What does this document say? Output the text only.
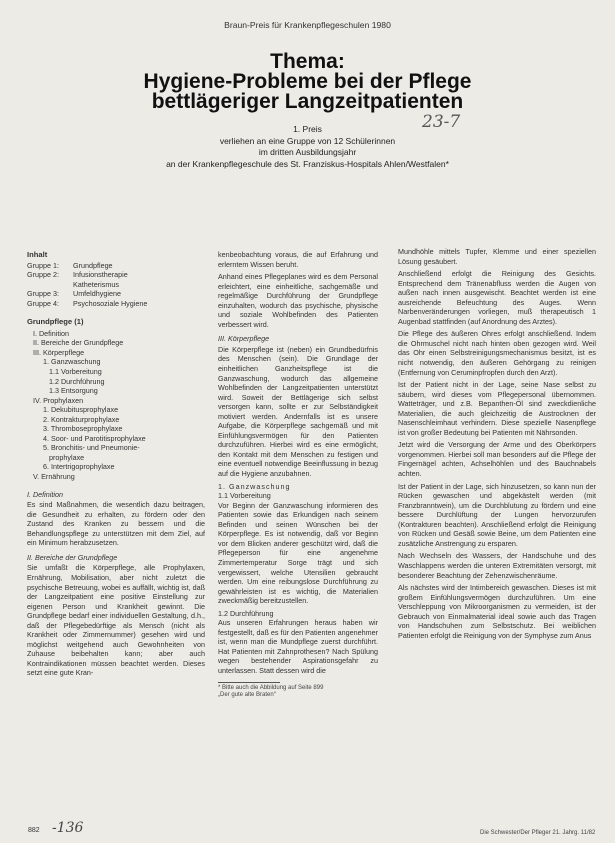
Braun-Preis für Krankenpflegeschulen 1980
Thema:
Hygiene-Probleme bei der Pflege
bettlägeriger Langzeitpatienten
1. Preis
verliehen an eine Gruppe von 12 Schülerinnen
im dritten Ausbildungsjahr
an der Krankenpflegeschule des St. Franziskus-Hospitals Ahlen/Westfalen*
23-7
Inhalt
Gruppe 1:	Grundpflege
Gruppe 2:	Infusionstherapie
Katheterismus
Gruppe 3:	Umfeldhygiene
Gruppe 4:	Psychosoziale Hygiene
Grundpflege (1)
I. Definition
II. Bereiche der Grundpflege
III. Körperpflege
1. Ganzwaschung
1.1 Vorbereitung
1.2 Durchführung
1.3 Entsorgung
IV. Prophylaxen
1. Dekubitusprophylaxe
2. Kontrakturprophylaxe
3. Thromboseprophylaxe
4. Soor- und Parotitisprophylaxe
5. Bronchitis- und Pneumonie-
prophylaxe
6. Intertrigoprophylaxe
V. Ernährung
I. Definition

Es sind Maßnahmen, die wesentlich dazu beitragen, die Gesundheit zu erhalten, zu fördern oder den Zustand des Kranken zu bessern und die Behandlungspflege zu unterstützen mit dem Ziel, auf ein Minimum herabzusetzen.

II. Bereiche der Grundpflege

Sie umfaßt die Körperpflege, alle Prophylaxen, Ernährung, Mobilisation, aber nicht zuletzt die psychische Betreuung, wobei es auffällt, wichtig ist, daß der Langzeitpatient eine positive Einstellung zur eigenen Person und Krankheit gewinnt. Die Grundpflege bedarf einer individuellen Gestaltung, d.h., daß der Pflegebedürftige als Mensch (nicht als Krankheit oder Zimmernummer) gesehen wird und möglichst weitgehend auch Gewohnheiten von Zuhause beibehalten kann; aber auch Kontraindikationen müssen beachtet werden. Dieses setzt eine gute Kran-

kenbeobachtung voraus, die auf Erfahrung und erlerntem Wissen beruht.

Anhand eines Pflegeplanes wird es dem Personal erleichtert, eine einheitliche, sachgemäße und regelmäßige Durchführung der Grundpflege einzuhalten, wodurch das psychische, physische und soziale Wohlbefinden des Patienten verbessert wird.

III. Körperpflege

Die Körperpflege ist (neben) ein Grundbedürfnis des Menschen (sein). Die Grundlage der einheitlichen Ganzheitspflege ist die Ganzwaschung, wodurch das allgemeine Wohlbefinden der Langzeitpatienten unterstützt wird. Soweit der Bettlägerige sich selbst versorgen kann, sollte er zur Selbständigkeit motiviert werden. Andernfalls ist es unsere Aufgabe, die Körperpflege sachgemäß und mit Einfühlungsvermögen für den Patienten durchzuführen. Hierbei wird es eine ermöglicht, den Kontakt mit dem Menschen zu festigen und eine eventuell notwendige Beeinflussung in bezug auf die Hygiene anzubahnen.

1. Ganzwaschung
1.1 Vorbereitung

Vor Beginn der Ganzwaschung informieren des Patienten sowie das Erkundigen nach seinem Befinden und seinen Wünschen bei der Körperpflege. Es ist notwendig, daß vor Beginn vor dem Blicken anderer geschützt wird, daß die Pflegeperson für eine angenehme Zimmertemperatur Sorge trägt und sich vergewissert, welche Utensilien gebraucht werden. Um eine reibungslose Durchführung zu gewährleisten ist es wichtig, die Materialien zweckmäßig bereitzustellen.

1.2 Durchführung

Aus unseren Erfahrungen heraus haben wir festgestellt, daß es für den Patienten angenehmer ist, wenn man die Mundpflege zuerst durchführt. Hat Patienten mit Zahnprothesen? Nach Spülung wegen bestehender Aspirationsgefahr zu unterlassen. Statt dessen wird die

* Bitte auch die Abbildung auf Seite 899
„Der gute alte Braten“

Mundhöhle mittels Tupfer, Klemme und einer speziellen Lösung gesäubert.

Anschließend erfolgt die Reinigung des Gesichts. Entsprechend dem Tränenabfluss werden die Augen von außen nach innen ausgewischt. Beachtet werden ist eine ausreichende Befeuchtung des Auges. Wenn Narbenveränderungen vorliegen, muß therapeutisch 1 Augenbad stattfinden (auf Anordnung des Arztes).

Die Pflege des äußeren Ohres erfolgt anschließend. Indem die Ohrmuschel nicht nach hinten oben gezogen wird. Weil das Ohr einen Selbstreinigungsmechanismus besitzt, ist es nicht notwendig, den äußeren Gehörgang zu reinigen (Entfernung von Ceruminpfropfen durch den Arzt).

Ist der Patient nicht in der Lage, seine Nase selbst zu säubern, wird dieses vom Pflegepersonal übernommen. Watteträger, und z.B. Bepanthen-Öl sind zweckdienliche Materialien, die auch gleichzeitig die Austrocknen der Nasenschleimhaut verhindern. Diese spezielle Nasenpflege ist von großer Bedeutung bei Patienten mit Nährsonden.

Jetzt wird die Versorgung der Arme und des Oberkörpers vorgenommen. Hierbei soll man besonders auf die Pflege der Fingernägel achten, Achselhöhlen und des Bauchnabels achten.

Ist der Patient in der Lage, sich hinzusetzen, so kann nun der Rücken gewaschen und abgekästelt werden (mit Franzbranntwein), um die Durchblutung zu fördern und eine bessere Durchlüftung der Lungen hervorzurufen (Kontrakturen beachten). Anschließend erfolgt die Reinigung von Rücken und Gesäß sowie Beine, um dem Patienten eine zusätzliche Anstrengung zu ersparen.

Nach Wechseln des Wassers, der Handschuhe und des Waschlappens werden die unteren Extremitäten versorgt, mit besonderer Beachtung der Zehenzwischenräume.

Als nächstes wird der Intimbereich gewaschen. Dieses ist mit großem Einfühlungsvermögen durchzuführen. Um eine Verschleppung von Mikroorganismen zu vermeiden, ist der Gebrauch von Einmalmaterial ideal sowie auch das Tragen von Handschuhen zum Selbstschutz. Bei weiblichen Patienten erfolgt die Reinigung von der Symphyse zum Anus

882 -136	Die Schwester/Der Pfleger 21. Jahrg. 11/82
